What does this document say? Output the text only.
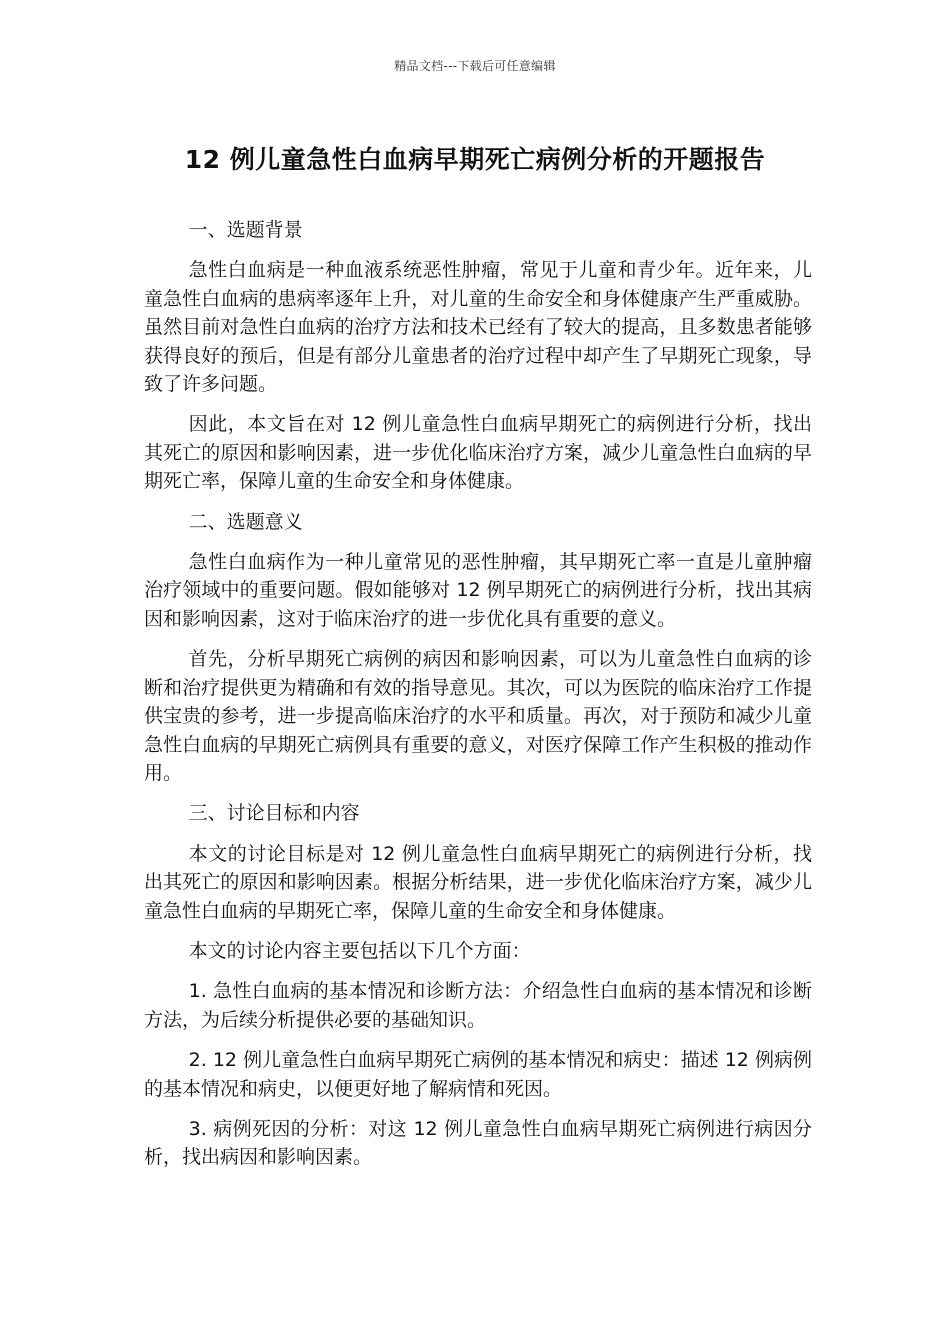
精品文档---下载后可任意编辑
12 例儿童急性白血病早期死亡病例分析的开题报告

一、选题背景

急性白血病是一种血液系统恶性肿瘤，常见于儿童和青少年。近年来，儿童急性白血病的患病率逐年上升，对儿童的生命安全和身体健康产生严重威胁。虽然目前对急性白血病的治疗方法和技术已经有了较大的提高，且多数患者能够获得良好的预后，但是有部分儿童患者的治疗过程中却产生了早期死亡现象，导致了许多问题。

因此，本文旨在对 12 例儿童急性白血病早期死亡的病例进行分析，找出其死亡的原因和影响因素，进一步优化临床治疗方案，减少儿童急性白血病的早期死亡率，保障儿童的生命安全和身体健康。

二、选题意义

急性白血病作为一种儿童常见的恶性肿瘤，其早期死亡率一直是儿童肿瘤治疗领域中的重要问题。假如能够对 12 例早期死亡的病例进行分析，找出其病因和影响因素，这对于临床治疗的进一步优化具有重要的意义。

首先，分析早期死亡病例的病因和影响因素，可以为儿童急性白血病的诊断和治疗提供更为精确和有效的指导意见。其次，可以为医院的临床治疗工作提供宝贵的参考，进一步提高临床治疗的水平和质量。再次，对于预防和减少儿童急性白血病的早期死亡病例具有重要的意义，对医疗保障工作产生积极的推动作用。

三、讨论目标和内容

本文的讨论目标是对 12 例儿童急性白血病早期死亡的病例进行分析，找出其死亡的原因和影响因素。根据分析结果，进一步优化临床治疗方案，减少儿童急性白血病的早期死亡率，保障儿童的生命安全和身体健康。

本文的讨论内容主要包括以下几个方面：

1. 急性白血病的基本情况和诊断方法：介绍急性白血病的基本情况和诊断方法，为后续分析提供必要的基础知识。

2. 12 例儿童急性白血病早期死亡病例的基本情况和病史：描述 12 例病例的基本情况和病史，以便更好地了解病情和死因。

3. 病例死因的分析：对这 12 例儿童急性白血病早期死亡病例进行病因分析，找出病因和影响因素。
